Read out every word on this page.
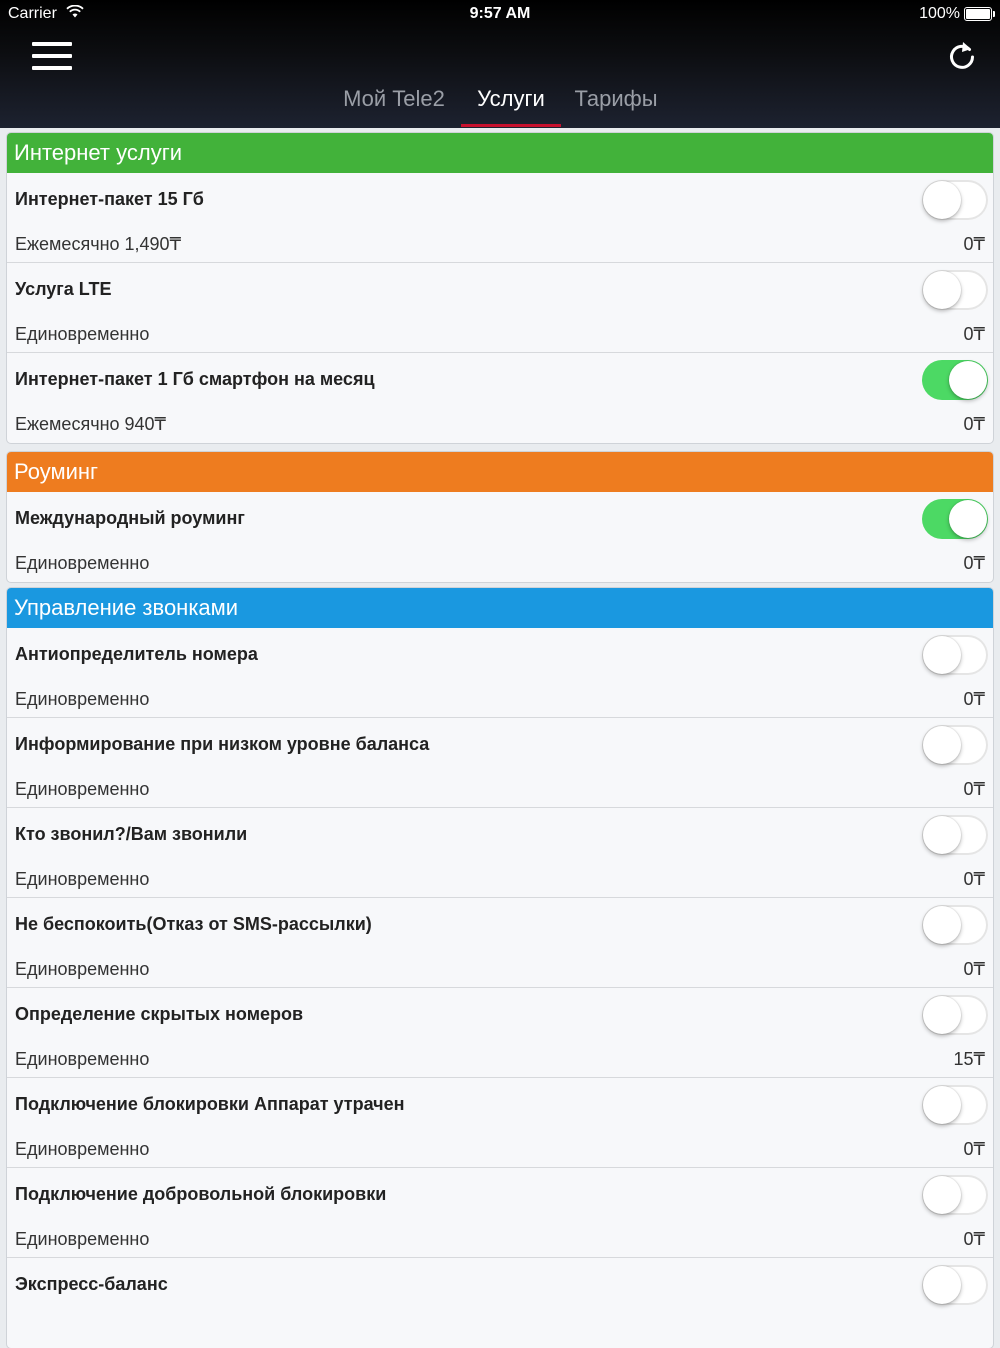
Carrier	9:57 AM	100%
Мой Tele2	Услуги	Тарифы
Интернет услуги
Интернет-пакет 15 Гб
Ежемесячно 1,490₸	0₸
Услуга LTE
Единовременно	0₸
Интернет-пакет 1 Гб смартфон на месяц
Ежемесячно 940₸	0₸
Роуминг
Международный роуминг
Единовременно	0₸
Управление звонками
Антиопределитель номера
Единовременно	0₸
Информирование при низком уровне баланса
Единовременно	0₸
Кто звонил?/Вам звонили
Единовременно	0₸
Не беспокоить(Отказ от SMS-рассылки)
Единовременно	0₸
Определение скрытых номеров
Единовременно	15₸
Подключение блокировки Аппарат утрачен
Единовременно	0₸
Подключение добровольной блокировки
Единовременно	0₸
Экспресс-баланс
